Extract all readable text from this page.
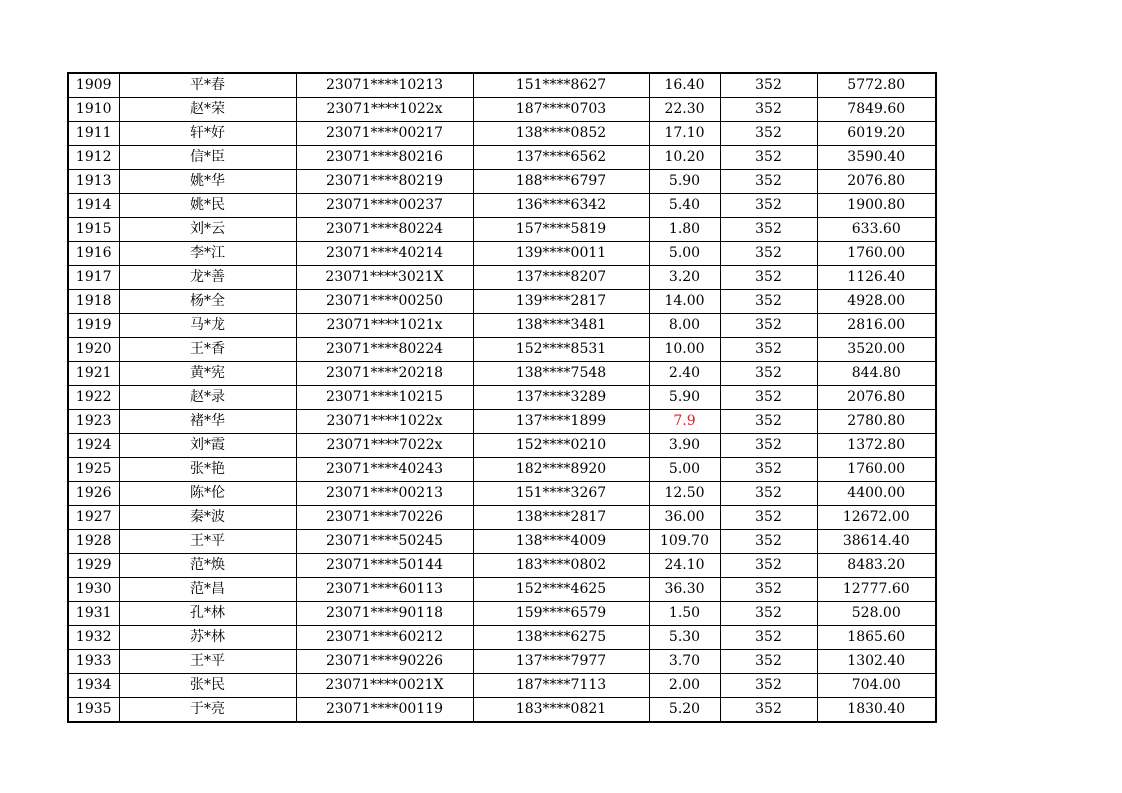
1909	平*春	23071****10213	151****8627	16.40	352	5772.80
1910	赵*荣	23071****1022x	187****0703	22.30	352	7849.60
1911	轩*好	23071****00217	138****0852	17.10	352	6019.20
1912	信*臣	23071****80216	137****6562	10.20	352	3590.40
1913	姚*华	23071****80219	188****6797	5.90	352	2076.80
1914	姚*民	23071****00237	136****6342	5.40	352	1900.80
1915	刘*云	23071****80224	157****5819	1.80	352	633.60
1916	李*江	23071****40214	139****0011	5.00	352	1760.00
1917	龙*善	23071****3021X	137****8207	3.20	352	1126.40
1918	杨*全	23071****00250	139****2817	14.00	352	4928.00
1919	马*龙	23071****1021x	138****3481	8.00	352	2816.00
1920	王*香	23071****80224	152****8531	10.00	352	3520.00
1921	黄*宪	23071****20218	138****7548	2.40	352	844.80
1922	赵*录	23071****10215	137****3289	5.90	352	2076.80
1923	褚*华	23071****1022x	137****1899	7.9	352	2780.80
1924	刘*霞	23071****7022x	152****0210	3.90	352	1372.80
1925	张*艳	23071****40243	182****8920	5.00	352	1760.00
1926	陈*伦	23071****00213	151****3267	12.50	352	4400.00
1927	秦*波	23071****70226	138****2817	36.00	352	12672.00
1928	王*平	23071****50245	138****4009	109.70	352	38614.40
1929	范*焕	23071****50144	183****0802	24.10	352	8483.20
1930	范*昌	23071****60113	152****4625	36.30	352	12777.60
1931	孔*林	23071****90118	159****6579	1.50	352	528.00
1932	苏*林	23071****60212	138****6275	5.30	352	1865.60
1933	王*平	23071****90226	137****7977	3.70	352	1302.40
1934	张*民	23071****0021X	187****7113	2.00	352	704.00
1935	于*亮	23071****00119	183****0821	5.20	352	1830.40
